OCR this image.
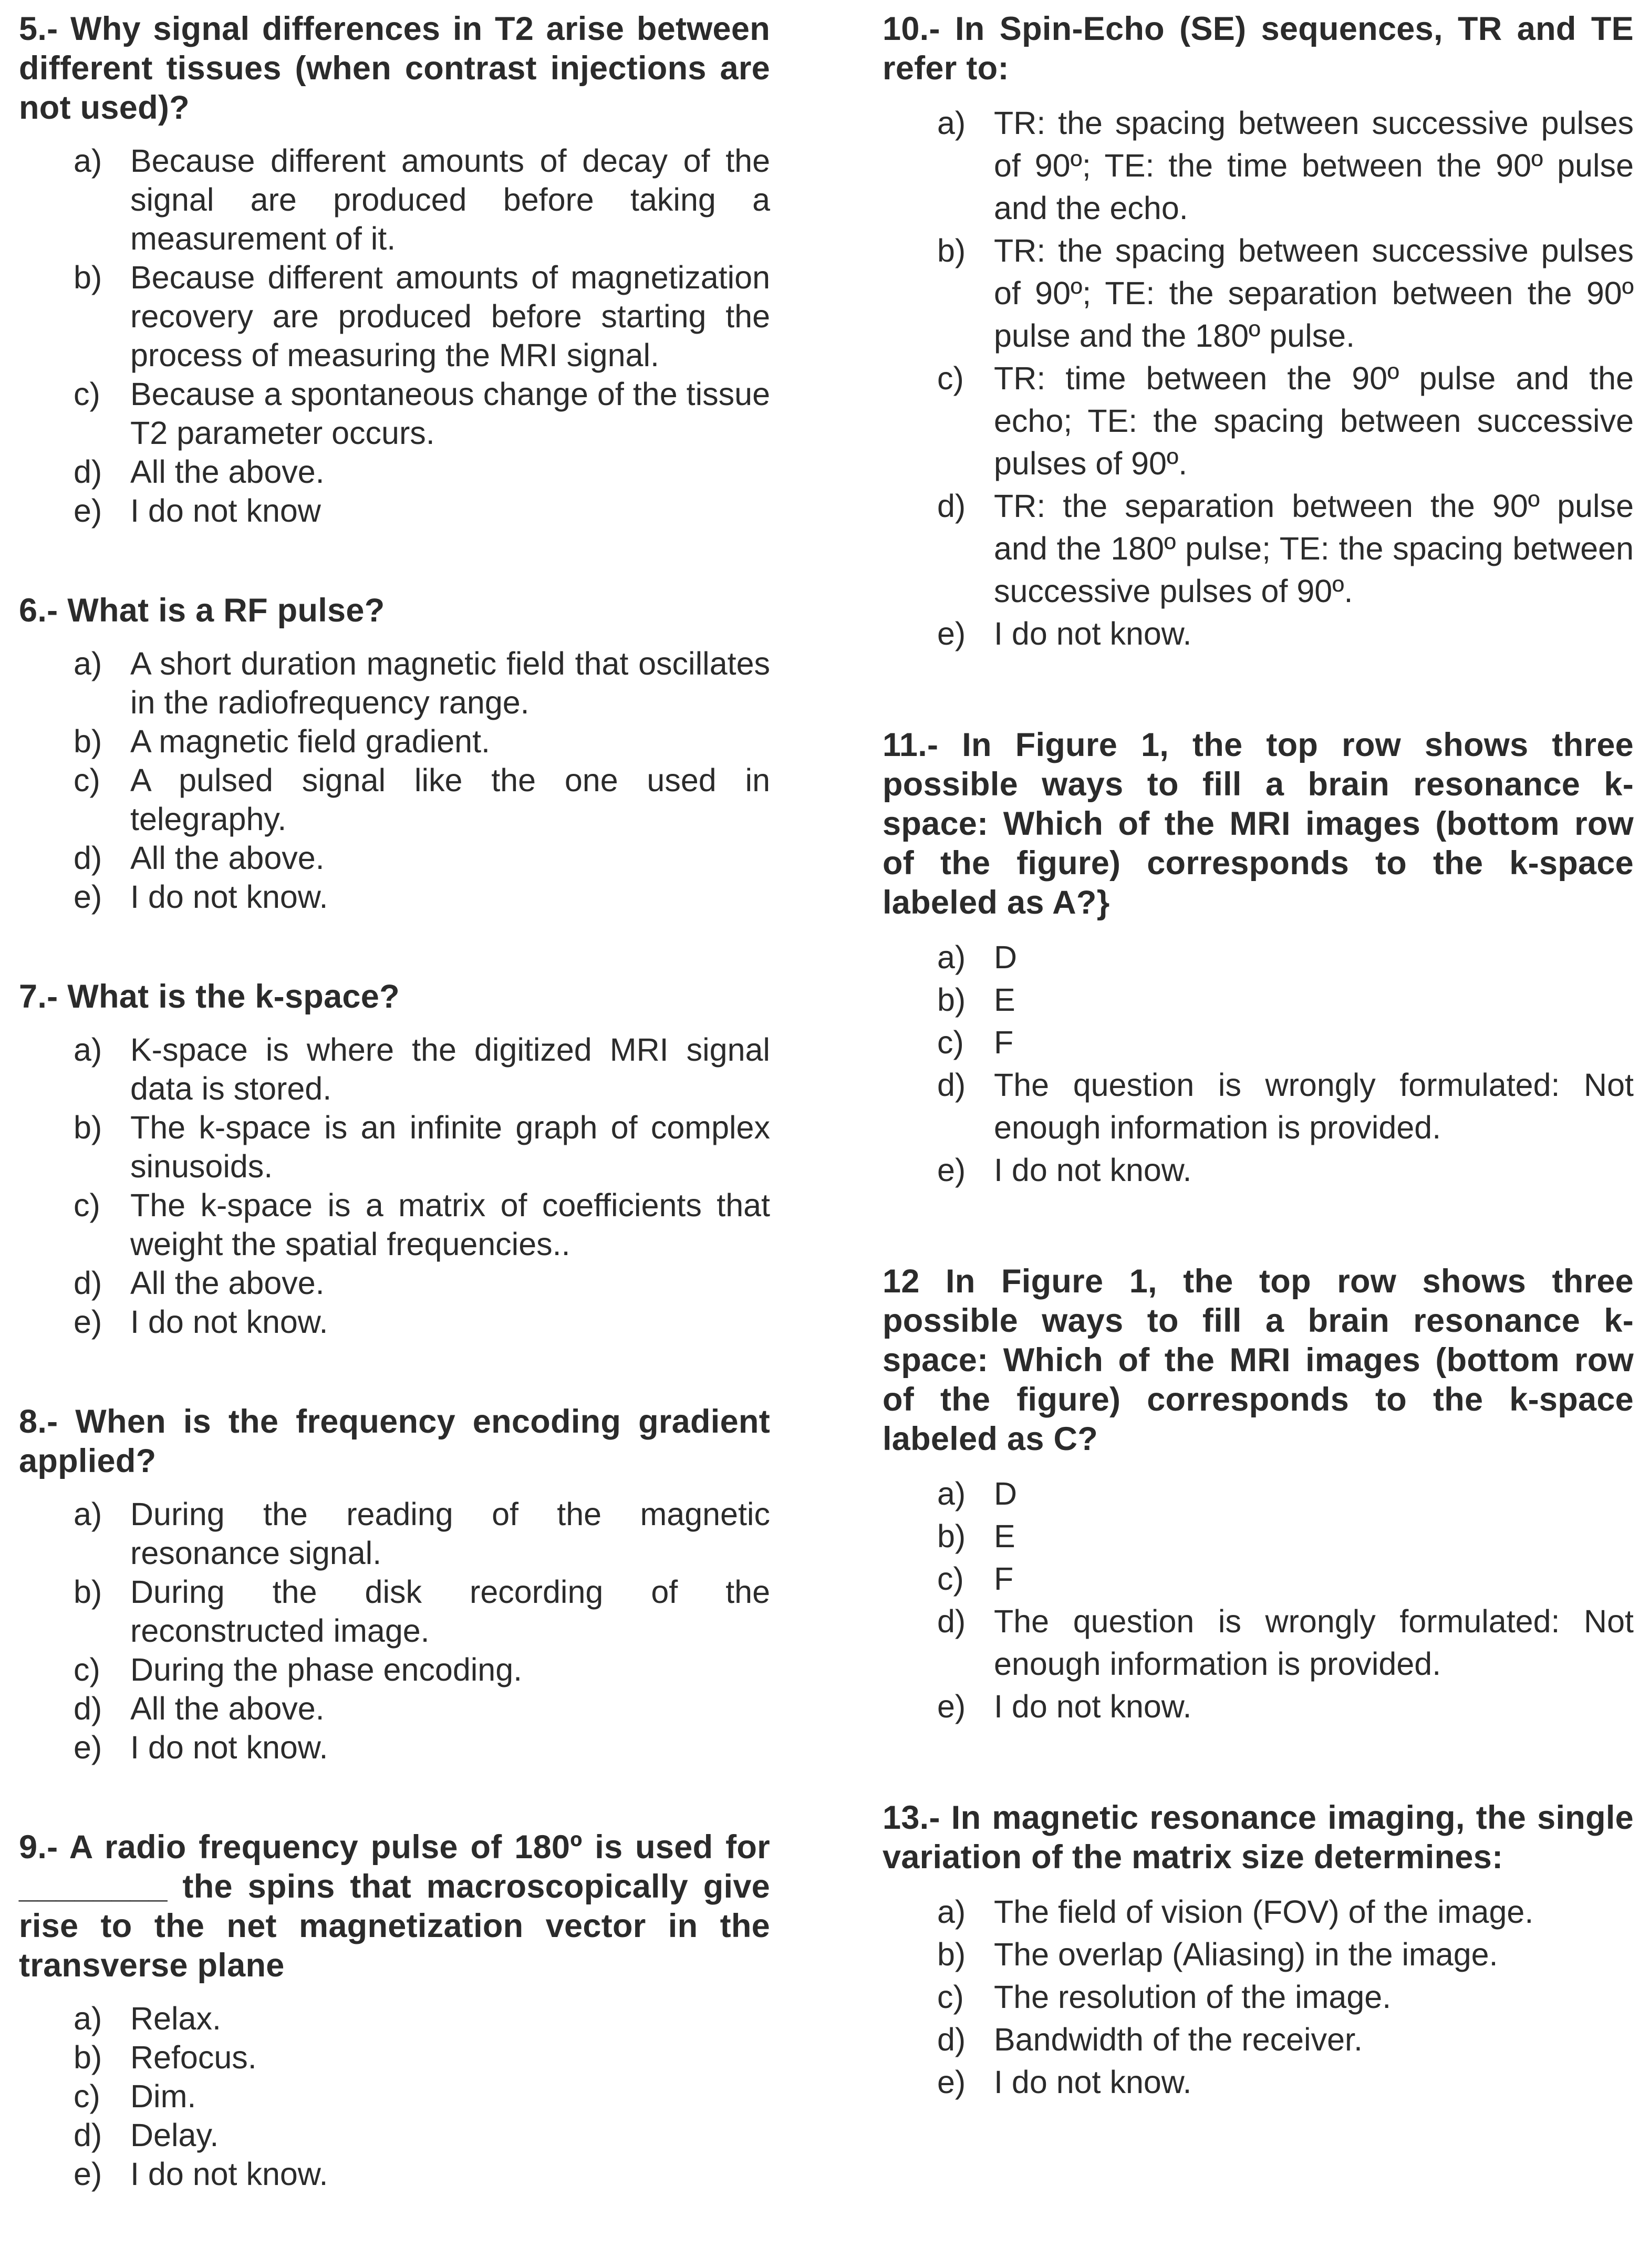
5.- Why signal differences in T2 arise between different tissues (when contrast injections are not used)?

a) Because different amounts of decay of the signal are produced before taking a measurement of it.
b) Because different amounts of magnetization recovery are produced before starting the process of measuring the MRI signal.
c) Because a spontaneous change of the tissue T2 parameter occurs.
d) All the above.
e) I do not know

6.- What is a RF pulse?

a) A short duration magnetic field that oscillates in the radiofrequency range.
b) A magnetic field gradient.
c) A pulsed signal like the one used in telegraphy.
d) All the above.
e) I do not know.

7.- What is the k-space?

a) K-space is where the digitized MRI signal data is stored.
b) The k-space is an infinite graph of complex sinusoids.
c) The k-space is a matrix of coefficients that weight the spatial frequencies..
d) All the above.
e) I do not know.

8.- When is the frequency encoding gradient applied?

a) During the reading of the magnetic resonance signal.
b) During the disk recording of the reconstructed image.
c) During the phase encoding.
d) All the above.
e) I do not know.

9.- A radio frequency pulse of 180º is used for ________ the spins that macroscopically give rise to the net magnetization vector in the transverse plane

a) Relax.
b) Refocus.
c) Dim.
d) Delay.
e) I do not know.

10.- In Spin-Echo (SE) sequences, TR and TE refer to:

a) TR: the spacing between successive pulses of 90º; TE: the time between the 90º pulse and the echo.
b) TR: the spacing between successive pulses of 90º; TE: the separation between the 90º pulse and the 180º pulse.
c) TR: time between the 90º pulse and the echo; TE: the spacing between successive pulses of 90º.
d) TR: the separation between the 90º pulse and the 180º pulse; TE: the spacing between successive pulses of 90º.
e) I do not know.

11.- In Figure 1, the top row shows three possible ways to fill a brain resonance k-space: Which of the MRI images (bottom row of the figure) corresponds to the k-space labeled as A?}

a) D
b) E
c) F
d) The question is wrongly formulated: Not enough information is provided.
e) I do not know.

12 In Figure 1, the top row shows three possible ways to fill a brain resonance k-space: Which of the MRI images (bottom row of the figure) corresponds to the k-space labeled as C?

a) D
b) E
c) F
d) The question is wrongly formulated: Not enough information is provided.
e) I do not know.

13.- In magnetic resonance imaging, the single variation of the matrix size determines:

a) The field of vision (FOV) of the image.
b) The overlap (Aliasing) in the image.
c) The resolution of the image.
d) Bandwidth of the receiver.
e) I do not know.
